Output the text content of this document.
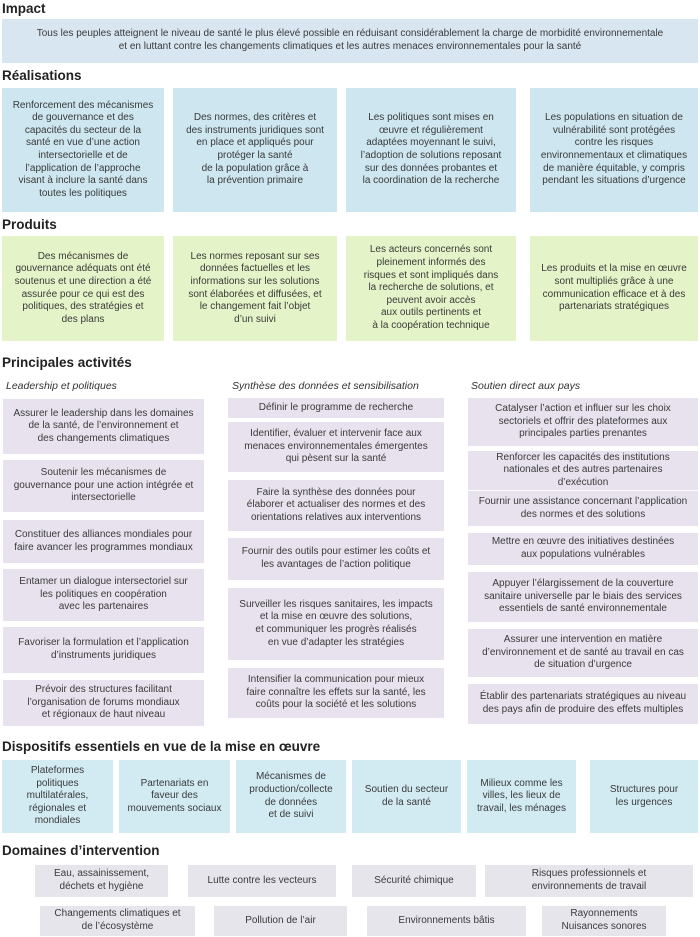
Impact
Tous les peuples atteignent le niveau de santé le plus élevé possible en réduisant considérablement la charge de morbidité environnementale
et en luttant contre les changements climatiques et les autres menaces environnementales pour la santé
Réalisations
Renforcement des mécanismes
de gouvernance et des
capacités du secteur de la
santé en vue d’une action
intersectorielle et de
l’application de l’approche
visant à inclure la santé dans
toutes les politiques
Des normes, des critères et
des instruments juridiques sont
en place et appliqués pour
protéger la santé
de la population grâce à
la prévention primaire
Les politiques sont mises en
œuvre et régulièrement
adaptées moyennant le suivi,
l’adoption de solutions reposant
sur des données probantes et
la coordination de la recherche
Les populations en situation de
vulnérabilité sont protégées
contre les risques
environnementaux et climatiques
de manière équitable, y compris
pendant les situations d’urgence
Produits
Des mécanismes de
gouvernance adéquats ont été
soutenus et une direction a été
assurée pour ce qui est des
politiques, des stratégies et
des plans
Les normes reposant sur ses
données factuelles et les
informations sur les solutions
sont élaborées et diffusées, et
le changement fait l’objet
d’un suivi
Les acteurs concernés sont
pleinement informés des
risques et sont impliqués dans
la recherche de solutions, et
peuvent avoir accès
aux outils pertinents et
à la coopération technique
Les produits et la mise en œuvre
sont multipliés grâce à une
communication efficace et à des
partenariats stratégiques
Principales activités
Leadership et politiques	Synthèse des données et sensibilisation	Soutien direct aux pays
Assurer le leadership dans les domaines
de la santé, de l’environnement et
des changements climatiques
Soutenir les mécanismes de
gouvernance pour une action intégrée et
intersectorielle
Constituer des alliances mondiales pour
faire avancer les programmes mondiaux
Entamer un dialogue intersectoriel sur
les politiques en coopération
avec les partenaires
Favoriser la formulation et l’application
d’instruments juridiques
Prévoir des structures facilitant
l’organisation de forums mondiaux
et régionaux de haut niveau
Définir le programme de recherche
Identifier, évaluer et intervenir face aux
menaces environnementales émergentes
qui pèsent sur la santé
Faire la synthèse des données pour
élaborer et actualiser des normes et des
orientations relatives aux interventions
Fournir des outils pour estimer les coûts et
les avantages de l’action politique
Surveiller les risques sanitaires, les impacts
et la mise en œuvre des solutions,
et communiquer les progrès réalisés
en vue d’adapter les stratégies
Intensifier la communication pour mieux
faire connaître les effets sur la santé, les
coûts pour la société et les solutions
Catalyser l’action et influer sur les choix
sectoriels et offrir des plateformes aux
principales parties prenantes
Renforcer les capacités des institutions
nationales et des autres partenaires
d’exécution
Fournir une assistance concernant l’application
des normes et des solutions
Mettre en œuvre des initiatives destinées
aux populations vulnérables
Appuyer l’élargissement de la couverture
sanitaire universelle par le biais des services
essentiels de santé environnementale
Assurer une intervention en matière
d’environnement et de santé au travail en cas
de situation d’urgence
Établir des partenariats stratégiques au niveau
des pays afin de produire des effets multiples
Dispositifs essentiels en vue de la mise en œuvre
Plateformes
politiques
multilatérales,
régionales et
mondiales
Partenariats en
faveur des
mouvements sociaux
Mécanismes de
production/collecte
de données
et de suivi
Soutien du secteur
de la santé
Milieux comme les
villes, les lieux de
travail, les ménages
Structures pour
les urgences
Domaines d’intervention
Eau, assainissement,
déchets et hygiène
Lutte contre les vecteurs	Sécurité chimique
Risques professionnels et
environnements de travail
Changements climatiques et
de l’écosystème
Pollution de l’air	Environnements bâtis
Rayonnements
Nuisances sonores
